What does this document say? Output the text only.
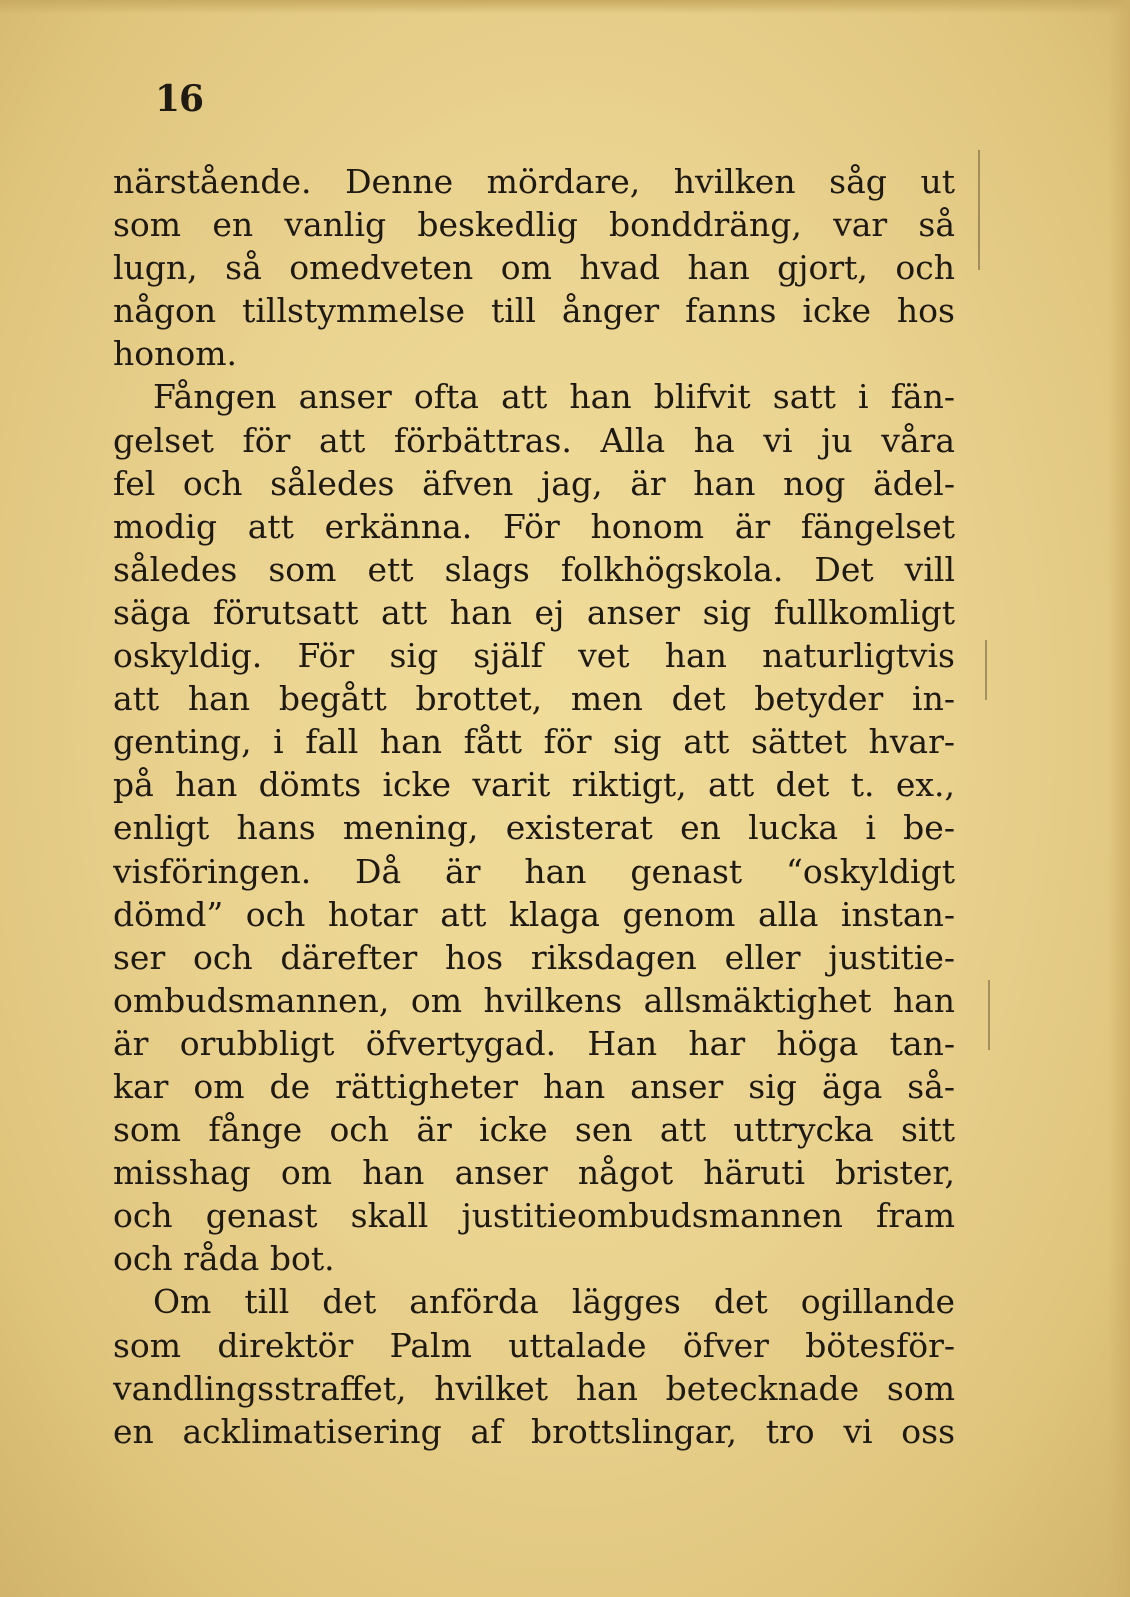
16
närstående. Denne mördare, hvilken såg ut
som en vanlig beskedlig bonddräng, var så
lugn, så omedveten om hvad han gjort, och
någon tillstymmelse till ånger fanns icke hos
honom.
Fången anser ofta att han blifvit satt i fän-
gelset för att förbättras. Alla ha vi ju våra
fel och således äfven jag, är han nog ädel-
modig att erkänna. För honom är fängelset
således som ett slags folkhögskola. Det vill
säga förutsatt att han ej anser sig fullkomligt
oskyldig. För sig själf vet han naturligtvis
att han begått brottet, men det betyder in-
genting, i fall han fått för sig att sättet hvar-
på han dömts icke varit riktigt, att det t. ex.,
enligt hans mening, existerat en lucka i be-
visföringen. Då är han genast “oskyldigt
dömd” och hotar att klaga genom alla instan-
ser och därefter hos riksdagen eller justitie-
ombudsmannen, om hvilkens allsmäktighet han
är orubbligt öfvertygad. Han har höga tan-
kar om de rättigheter han anser sig äga så-
som fånge och är icke sen att uttrycka sitt
misshag om han anser något häruti brister,
och genast skall justitieombudsmannen fram
och råda bot.
Om till det anförda lägges det ogillande
som direktör Palm uttalade öfver bötesför-
vandlingsstraffet, hvilket han betecknade som
en acklimatisering af brottslingar, tro vi oss
